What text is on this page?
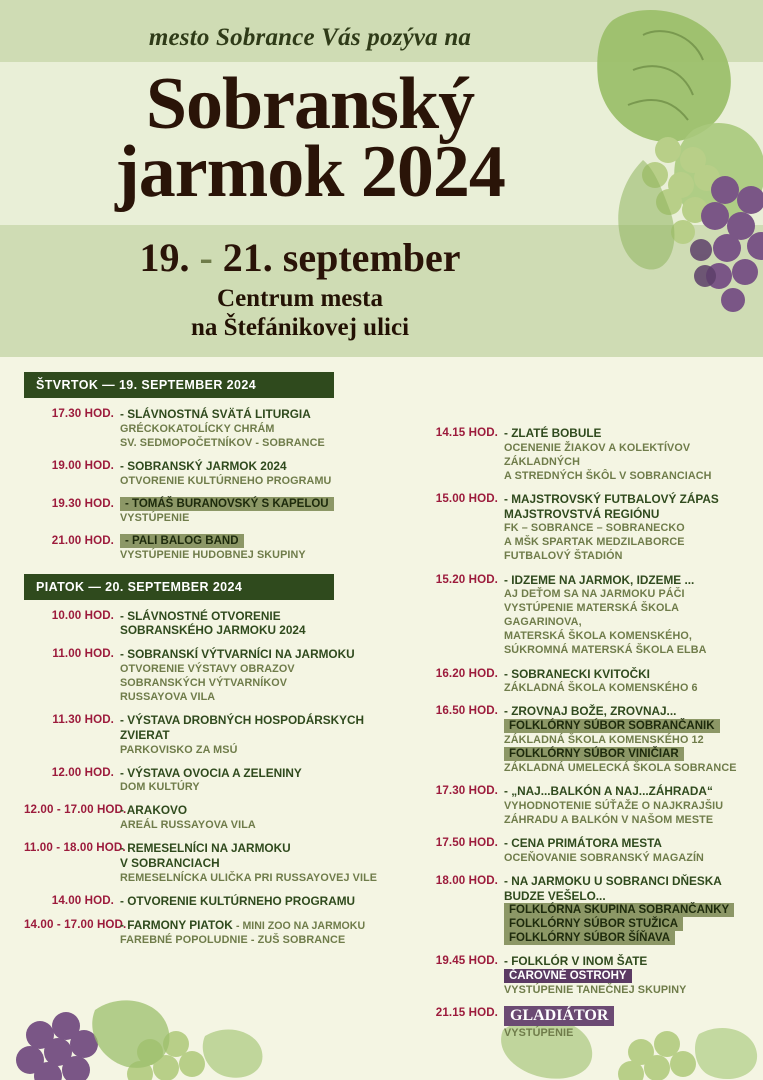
mesto Sobrance Vás pozýva na
Sobranský
jarmok 2024
19. - 21. september
Centrum mesta
na Štefánikovej ulici
ŠTVRTOK — 19. SEPTEMBER 2024
17.30 HOD. - SLÁVNOSTNÁ SVÄTÁ LITURGIA
GRÉCKOKATOLÍCKY CHRÁM
SV. SEDMOPOČETNÍKOV - SOBRANCE
19.00 HOD. - SOBRANSKÝ JARMOK 2024
OTVORENIE KULTÚRNEHO PROGRAMU
19.30 HOD. - TOMÁŠ BURANOVSKÝ S KAPELOU
VYSTÚPENIE
21.00 HOD. - PALI BALOG BAND
VYSTÚPENIE HUDOBNEJ SKUPINY
PIATOK — 20. SEPTEMBER 2024
10.00 HOD. - SLÁVNOSTNÉ OTVORENIE
SOBRANSKÉHO JARMOKU 2024
11.00 HOD. - SOBRANSKÍ VÝTVARNÍCI NA JARMOKU
OTVORENIE VÝSTAVY OBRAZOV
SOBRANSKÝCH VÝTVARNÍKOV
RUSSAYOVA VILA
11.30 HOD. - VÝSTAVA DROBNÝCH HOSPODÁRSKYCH
ZVIERAT
PARKOVISKO ZA MSÚ
12.00 HOD. - VÝSTAVA OVOCIA A ZELENINY
DOM KULTÚRY
12.00 - 17.00 HOD.
- ARAKOVO
AREÁL RUSSAYOVA VILA
11.00 - 18.00 HOD.
- REMESELNÍCI NA JARMOKU
V SOBRANCIACH
REMESELNÍCKA ULIČKA PRI RUSSAYOVEJ VILE
14.00 HOD. - OTVORENIE KULTÚRNEHO PROGRAMU
14.00 - 17.00 HOD.
- FARMONY PIATOK - MINI ZOO NA JARMOKU
FAREBNÉ POPOLUDNIE - ZUŠ SOBRANCE
14.15 HOD. - ZLATÉ BOBULE
OCENENIE ŽIAKOV A KOLEKTÍVOV ZÁKLADNÝCH
A STREDNÝCH ŠKÔL V SOBRANCIACH
15.00 HOD. - MAJSTROVSKÝ FUTBALOVÝ ZÁPAS
MAJSTROVSTVÁ REGIÓNU
FK – SOBRANCE – SOBRANECKO
A MŠK SPARTAK MEDZILABORCE
FUTBALOVÝ ŠTADIÓN
15.20 HOD. - IDZEME NA JARMOK, IDZEME ...
AJ DEŤOM SA NA JARMOKU PÁČI
VYSTÚPENIE MATERSKÁ ŠKOLA GAGARINOVA,
MATERSKÁ ŠKOLA KOMENSKÉHO,
SÚKROMNÁ MATERSKÁ ŠKOLA ELBA
16.20 HOD. - SOBRANECKI KVITOČKI
ZÁKLADNÁ ŠKOLA KOMENSKÉHO 6
16.50 HOD. - ZROVNAJ BOŽE, ZROVNAJ...
FOLKLÓRNY SÚBOR SOBRANČANIK
ZÁKLADNÁ ŠKOLA KOMENSKÉHO 12
FOLKLÓRNY SÚBOR VINIČIAR
ZÁKLADNÁ UMELECKÁ ŠKOLA SOBRANCE
17.30 HOD. - „NAJ...BALKÓN A NAJ...ZÁHRADA“
VYHODNOTENIE SÚŤAŽE O NAJKRAJŠIU
ZÁHRADU A BALKÓN V NAŠOM MESTE
17.50 HOD. - CENA PRIMÁTORA MESTA
OCEŇOVANIE SOBRANSKÝ MAGAZÍN
18.00 HOD. - NA JARMOKU U SOBRANCI DŇESKA
BUDZE VEŠELO...
FOLKLÓRNA SKUPINA SOBRANČANKY FOLKLÓRNY SÚBOR STUŽICA FOLKLÓRNY SÚBOR ŠÍŇAVA
19.45 HOD. - FOLKLÓR V INOM ŠATE
ČAROVNÉ OSTROHY
VYSTÚPENIE TANEČNEJ SKUPINY
21.15 HOD. GLADIÁTOR
VYSTÚPENIE
